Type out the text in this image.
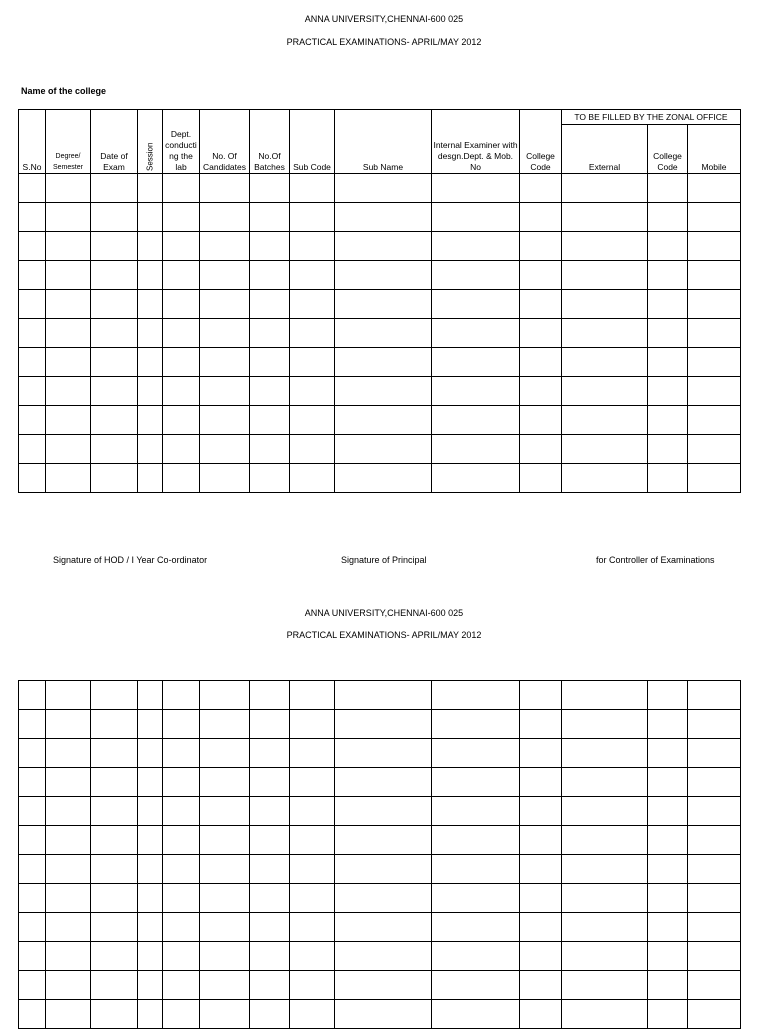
ANNA UNIVERSITY,CHENNAI-600 025
PRACTICAL EXAMINATIONS- APRIL/MAY 2012
Name of the college
S.No	Degree/ Semester	Date of Exam	Session	Dept. conducti ng the lab	No. Of Candidates	No.Of Batches	Sub Code	Sub Name	Internal Examiner with desgn.Dept. & Mob. No	College Code	TO BE FILLED BY THE ZONAL OFFICE		
											External	College Code	Mobile

Signature of HOD / I Year Co-ordinator	Signature of Principal	for Controller of Examinations
ANNA UNIVERSITY,CHENNAI-600 025
PRACTICAL EXAMINATIONS- APRIL/MAY 2012
